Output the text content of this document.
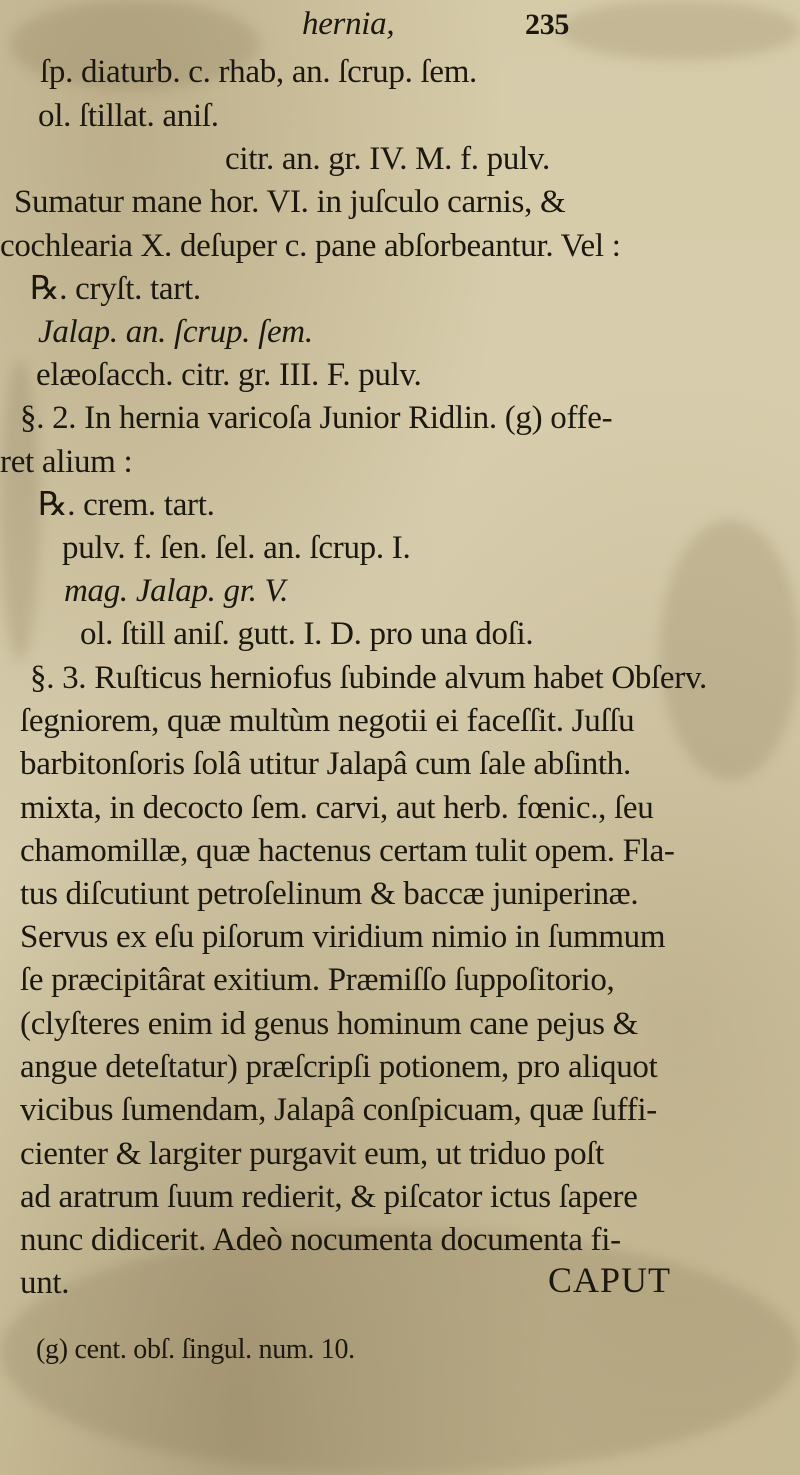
hernia,	235
ſp. diaturb. c. rhab, an. ſcrup. ſem.
ol. ſtillat. aniſ.
citr. an. gr. IV. M. f. pulv.
Sumatur mane hor. VI. in juſculo carnis, &
cochlearia X. deſuper c. pane abſorbeantur. Vel :
℞. cryſt. tart.
Jalap. an. ſcrup. ſem.
elæoſacch. citr. gr. III. F. pulv.
§. 2. In hernia varicoſa Junior Ridlin. (g) offe-
ret alium :
℞. crem. tart.
pulv. f. ſen. ſel. an. ſcrup. I.
mag. Jalap. gr. V.
ol. ſtill aniſ. gutt. I. D. pro una doſi.
§. 3. Ruſticus herniofus ſubinde alvum habet Obſerv.
ſegniorem, quæ multùm negotii ei faceſſit. Juſſu
barbitonſoris ſolâ utitur Jalapâ cum ſale abſinth.
mixta, in decocto ſem. carvi, aut herb. fœnic., ſeu
chamomillæ, quæ hactenus certam tulit opem. Fla-
tus diſcutiunt petroſelinum & baccæ juniperinæ.
Servus ex eſu piſorum viridium nimio in ſummum
ſe præcipitârat exitium. Præmiſſo ſuppoſitorio,
(clyſteres enim id genus hominum cane pejus &
angue deteſtatur) præſcripſi potionem, pro aliquot
vicibus ſumendam, Jalapâ conſpicuam, quæ ſuffi-
cienter & largiter purgavit eum, ut triduo poſt
ad aratrum ſuum redierit, & piſcator ictus ſapere
nunc didicerit. Adeò nocumenta documenta fi-
unt.	CAPUT
(g) cent. obſ. ſingul. num. 10.
